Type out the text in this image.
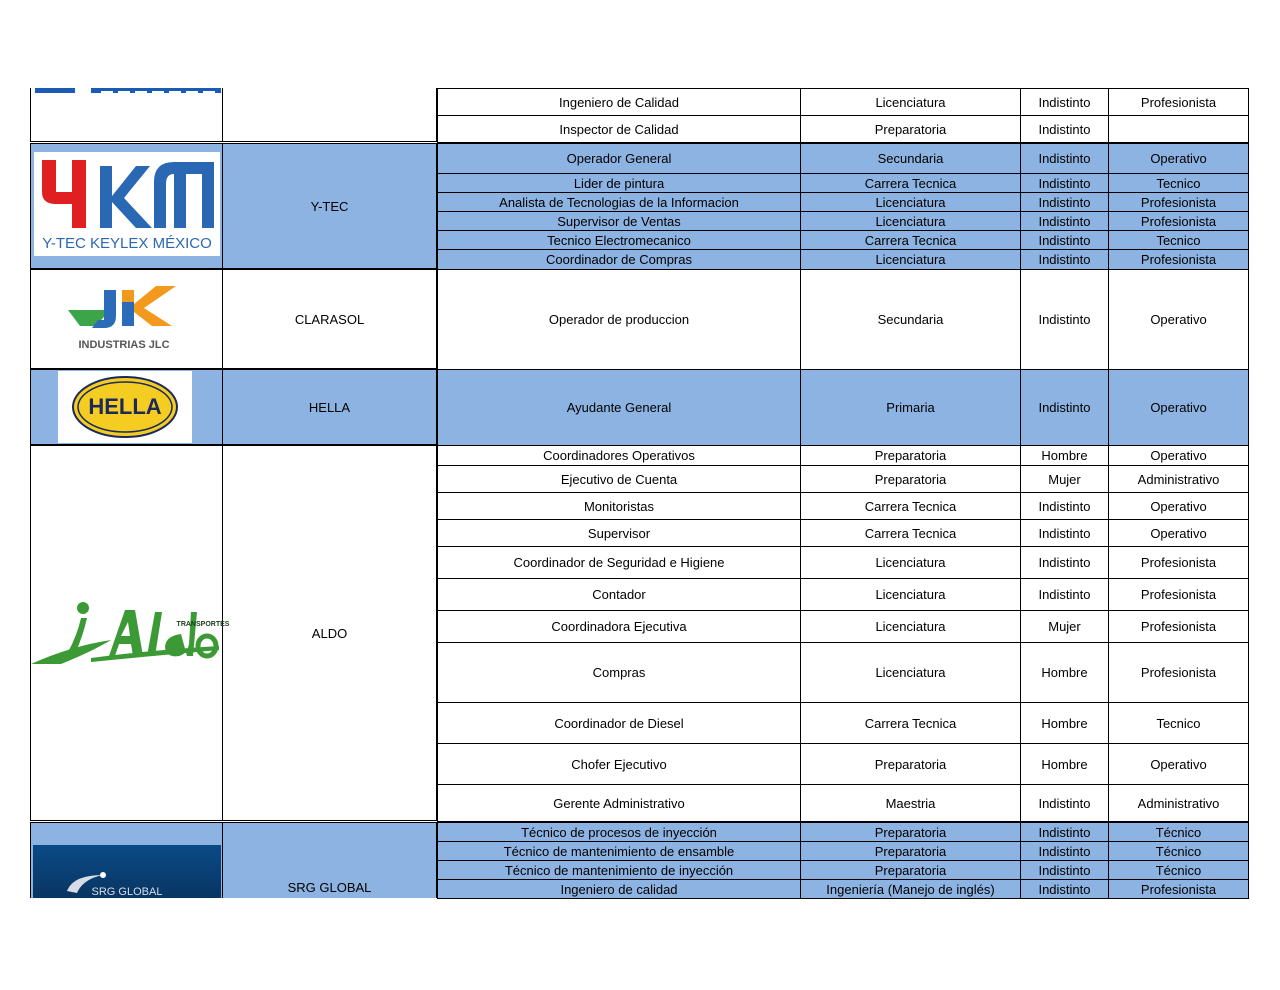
Ingeniero de Calidad	Licenciatura	Indistinto	Profesionista
Inspector de Calidad	Preparatoria	Indistinto
Y-TEC
Operador General	Secundaria	Indistinto	Operativo
Lider de pintura	Carrera Tecnica	Indistinto	Tecnico
Analista de Tecnologias de la Informacion	Licenciatura	Indistinto	Profesionista
Supervisor de Ventas	Licenciatura	Indistinto	Profesionista
Tecnico Electromecanico	Carrera Tecnica	Indistinto	Tecnico
Coordinador de Compras	Licenciatura	Indistinto	Profesionista
Y-TEC KEYLEX MÉXICO
CLARASOL	Operador de produccion	Secundaria	Indistinto	Operativo
INDUSTRIAS JLC
HELLA	Ayudante General	Primaria	Indistinto	Operativo
HELLA
ALDO
Coordinadores Operativos	Preparatoria	Hombre	Operativo
Ejecutivo de Cuenta	Preparatoria	Mujer	Administrativo
Monitoristas	Carrera Tecnica	Indistinto	Operativo
Supervisor	Carrera Tecnica	Indistinto	Operativo
Coordinador de Seguridad e Higiene	Licenciatura	Indistinto	Profesionista
Contador	Licenciatura	Indistinto	Profesionista
Coordinadora Ejecutiva	Licenciatura	Mujer	Profesionista
Compras	Licenciatura	Hombre	Profesionista
Coordinador de Diesel	Carrera Tecnica	Hombre	Tecnico
Chofer Ejecutivo	Preparatoria	Hombre	Operativo
Gerente Administrativo	Maestria	Indistinto	Administrativo
TRANSPORTES
SRG GLOBAL
Técnico de procesos de inyección	Preparatoria	Indistinto	Técnico
Técnico de mantenimiento de ensamble	Preparatoria	Indistinto	Técnico
Técnico de mantenimiento de inyección	Preparatoria	Indistinto	Técnico
Ingeniero de calidad	Ingeniería (Manejo de inglés)	Indistinto	Profesionista
SRG GLOBAL
